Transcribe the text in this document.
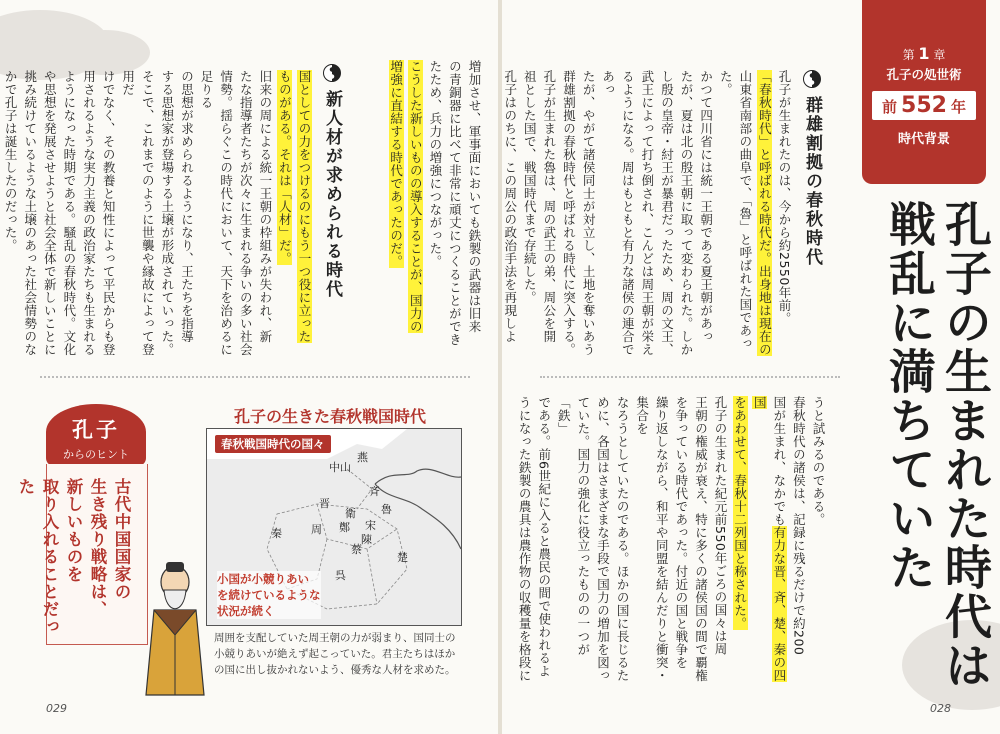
第 1 章
孔子の処世術
前 552 年
時代背景
孔子の生まれた時代は
戦乱に満ちていた
群雄割拠の春秋時代

孔子が生まれたのは、今から約2550年前。

「春秋時代」と呼ばれる時代だ。出身地は現在の

山東省南部の曲阜で、「魯」と呼ばれた国であった。

かつて四川省には統一王朝である夏王朝があっ

たが、夏は北の殷王朝に取って変わられた。しか

し殷の皇帝・紂王が暴君だったため、周の文王、

武王によって打ち倒され、こんどは周王朝が栄え

るようになる。周はもともと有力な諸侯の連合であっ

たが、やがて諸侯同士が対立し、土地を奪いあう

群雄割拠の春秋時代と呼ばれる時代に突入する。

孔子が生まれた魯は、周の武王の弟、周公を開

祖とした国で、戦国時代まで存続した。

孔子はのちに、この周公の政治手法を再現しよ

うと試みるのである。

春秋時代の諸侯は、記録に残るだけで約200

国が生まれ、なかでも有力な晋、斉、楚、秦の四国

をあわせて、春秋十二列国と称された。

孔子の生まれた紀元前550年ごろの国々は周

王朝の権威が衰え、特に多くの諸侯国の間で覇権

を争っている時代であった。付近の国と戦争を

繰り返しながら、和平や同盟を結んだりと衝突・集合を

なろうとしていたのである。ほかの国に長じるた

めに、各国はさまざまな手段で国力の増加を図っ

ていた。国力の強化に役立ったものの一つが「鉄」

である。前6世紀に入ると農民の間で使われるよ

うになった鉄製の農具は農作物の収穫量を格段に

028

増加させ、軍事面においても鉄製の武器は旧来

の青銅器に比べて非常に頑丈につくることができ

たため、兵力の増強につながった。

こうした新しいものの導入することが、国力の

増強に直結する時代であったのだ。

新人材が求められる時代

国としての力をつけるのにもう一つ役に立った

ものがある。それは「人材」だ。

旧来の周による統一王朝の枠組みが失われ、新

たな指導者たちが次々に生まれる争いの多い社会

情勢。揺らぐこの時代において、天下を治めるに足りる

の思想が求められるようになり、王たちを指導

する思想家が登場する土壌が形成されていった。

そこで、これまでのように世襲や縁故によって登用だ

けでなく、その教養と知性によって平民からも登

用されるような実力主義の政治家たちも生まれる

ようになった時期である。騒乱の春秋時代。文化

や思想を発展させようと社会全体で新しいことに

挑み続けているような土壌のあった社会情勢のな

かで孔子は誕生したのだった。

孔子の生きた春秋戦国時代
春秋戦国時代の国々
燕
中山
斉
晋	魯
衛
宋
秦	周 鄭
陳
蔡
楚
呉
小国が小競りあい
を続けているような
状況が続く
周囲を支配していた周王朝の力が弱まり、国同士の小競りあいが絶えず起こっていた。君主たちはほかの国に出し抜かれないよう、優秀な人材を求めた。
孔子
からのヒント
古代中国国家の
生き残り戦略は、
新しいものを
取り入れることだった
029
